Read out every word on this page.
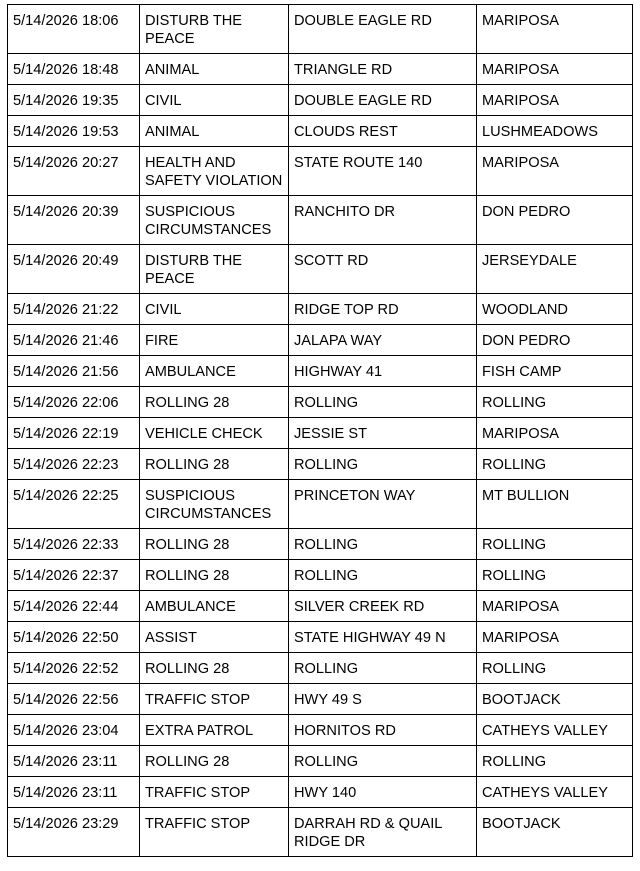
5/14/2026 18:06	DISTURB THE PEACE	DOUBLE EAGLE RD	MARIPOSA
5/14/2026 18:48	ANIMAL	TRIANGLE RD	MARIPOSA
5/14/2026 19:35	CIVIL	DOUBLE EAGLE RD	MARIPOSA
5/14/2026 19:53	ANIMAL	CLOUDS REST	LUSHMEADOWS
5/14/2026 20:27	HEALTH AND SAFETY VIOLATION	STATE ROUTE 140	MARIPOSA
5/14/2026 20:39	SUSPICIOUS CIRCUMSTANCES	RANCHITO DR	DON PEDRO
5/14/2026 20:49	DISTURB THE PEACE	SCOTT RD	JERSEYDALE
5/14/2026 21:22	CIVIL	RIDGE TOP RD	WOODLAND
5/14/2026 21:46	FIRE	JALAPA WAY	DON PEDRO
5/14/2026 21:56	AMBULANCE	HIGHWAY 41	FISH CAMP
5/14/2026 22:06	ROLLING 28	ROLLING	ROLLING
5/14/2026 22:19	VEHICLE CHECK	JESSIE ST	MARIPOSA
5/14/2026 22:23	ROLLING 28	ROLLING	ROLLING
5/14/2026 22:25	SUSPICIOUS CIRCUMSTANCES	PRINCETON WAY	MT BULLION
5/14/2026 22:33	ROLLING 28	ROLLING	ROLLING
5/14/2026 22:37	ROLLING 28	ROLLING	ROLLING
5/14/2026 22:44	AMBULANCE	SILVER CREEK RD	MARIPOSA
5/14/2026 22:50	ASSIST	STATE HIGHWAY 49 N	MARIPOSA
5/14/2026 22:52	ROLLING 28	ROLLING	ROLLING
5/14/2026 22:56	TRAFFIC STOP	HWY 49 S	BOOTJACK
5/14/2026 23:04	EXTRA PATROL	HORNITOS RD	CATHEYS VALLEY
5/14/2026 23:11	ROLLING 28	ROLLING	ROLLING
5/14/2026 23:11	TRAFFIC STOP	HWY 140	CATHEYS VALLEY
5/14/2026 23:29	TRAFFIC STOP	DARRAH RD & QUAIL RIDGE DR	BOOTJACK
